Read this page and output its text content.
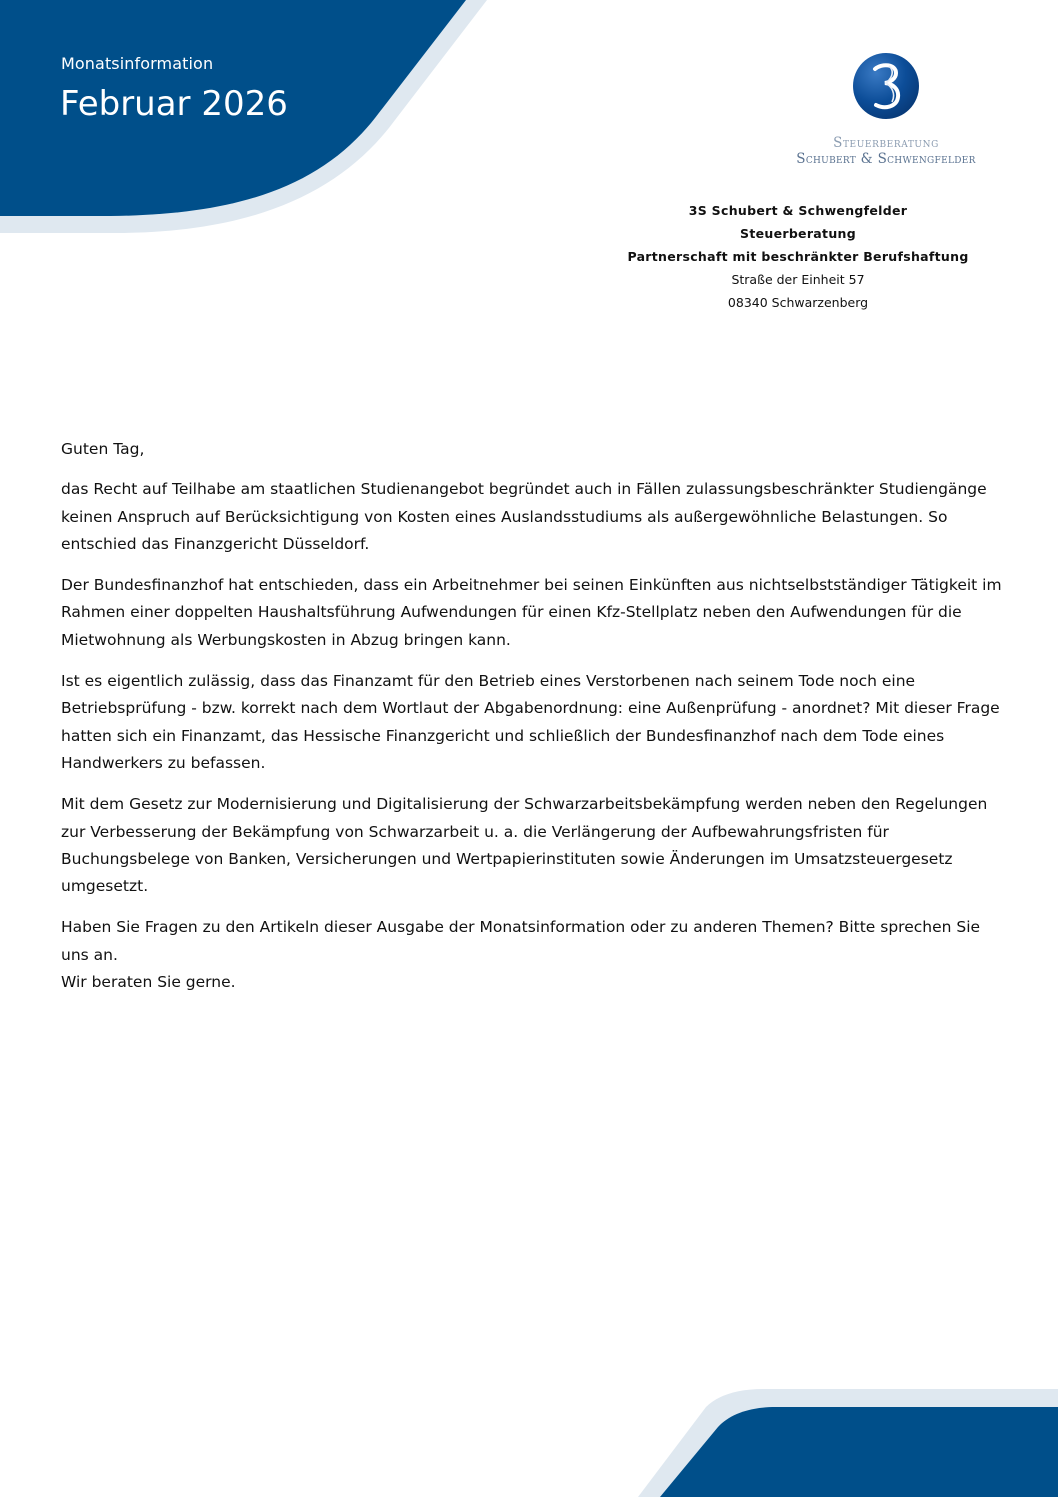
Monatsinformation
Februar 2026
Steuerberatung
Schubert & Schwengfelder
3S Schubert & Schwengfelder
Steuerberatung
Partnerschaft mit beschränkter Berufshaftung
Straße der Einheit 57
08340 Schwarzenberg

Guten Tag,

das Recht auf Teilhabe am staatlichen Studienangebot begründet auch in Fällen zulassungsbeschränkter Studiengänge keinen Anspruch auf Berücksichtigung von Kosten eines Auslandsstudiums als außergewöhnliche Belastungen. So entschied das Finanzgericht Düsseldorf.

Der Bundesfinanzhof hat entschieden, dass ein Arbeitnehmer bei seinen Einkünften aus nichtselbstständiger Tätigkeit im Rahmen einer doppelten Haushaltsführung Aufwendungen für einen Kfz-Stellplatz neben den Aufwendungen für die Mietwohnung als Werbungskosten in Abzug bringen kann.

Ist es eigentlich zulässig, dass das Finanzamt für den Betrieb eines Verstorbenen nach seinem Tode noch eine Betriebsprüfung - bzw. korrekt nach dem Wortlaut der Abgabenordnung: eine Außenprüfung - anordnet? Mit dieser Frage hatten sich ein Finanzamt, das Hessische Finanzgericht und schließlich der Bundesfinanzhof nach dem Tode eines Handwerkers zu befassen.

Mit dem Gesetz zur Modernisierung und Digitalisierung der Schwarzarbeitsbekämpfung werden neben den Regelungen zur Verbesserung der Bekämpfung von Schwarzarbeit u. a. die Verlängerung der Aufbewahrungsfristen für Buchungsbelege von Banken, Versicherungen und Wertpapierinstituten sowie Änderungen im Umsatzsteuergesetz umgesetzt.

Haben Sie Fragen zu den Artikeln dieser Ausgabe der Monatsinformation oder zu anderen Themen? Bitte sprechen Sie uns an.
Wir beraten Sie gerne.
